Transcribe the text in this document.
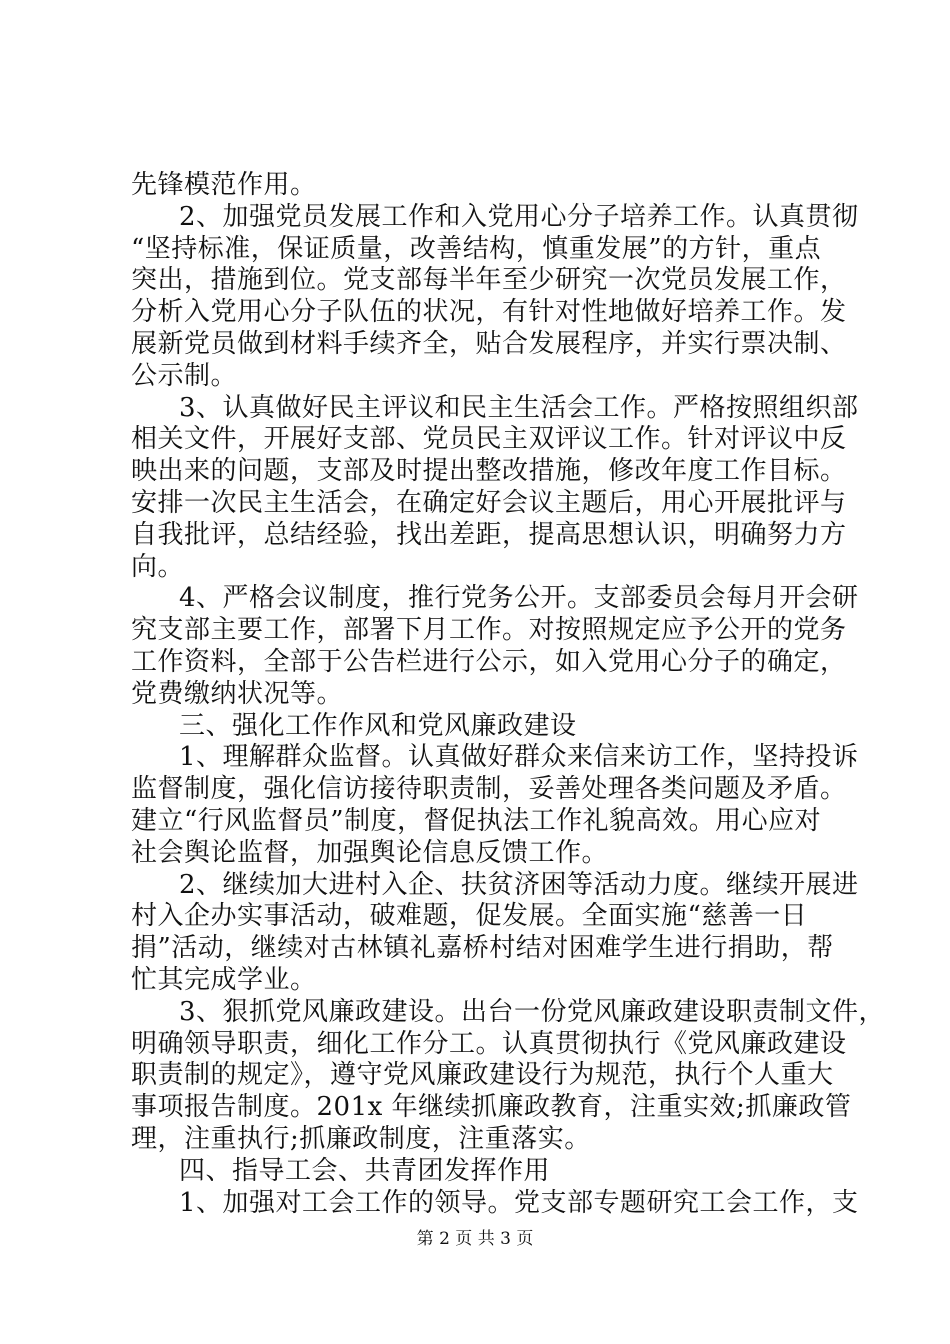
先锋模范作用。
2、加强党员发展工作和入党用心分子培养工作。认真贯彻
“坚持标准，保证质量，改善结构，慎重发展”的方针，重点
突出，措施到位。党支部每半年至少研究一次党员发展工作，
分析入党用心分子队伍的状况，有针对性地做好培养工作。发
展新党员做到材料手续齐全，贴合发展程序，并实行票决制、
公示制。
3、认真做好民主评议和民主生活会工作。严格按照组织部
相关文件，开展好支部、党员民主双评议工作。针对评议中反
映出来的问题，支部及时提出整改措施，修改年度工作目标。
安排一次民主生活会，在确定好会议主题后，用心开展批评与
自我批评，总结经验，找出差距，提高思想认识，明确努力方
向。
4、严格会议制度，推行党务公开。支部委员会每月开会研
究支部主要工作，部署下月工作。对按照规定应予公开的党务
工作资料，全部于公告栏进行公示，如入党用心分子的确定，
党费缴纳状况等。
三、强化工作作风和党风廉政建设
1、理解群众监督。认真做好群众来信来访工作，坚持投诉
监督制度，强化信访接待职责制，妥善处理各类问题及矛盾。
建立“行风监督员”制度，督促执法工作礼貌高效。用心应对
社会舆论监督，加强舆论信息反馈工作。
2、继续加大进村入企、扶贫济困等活动力度。继续开展进
村入企办实事活动，破难题，促发展。全面实施“慈善一日
捐”活动，继续对古林镇礼嘉桥村结对困难学生进行捐助，帮
忙其完成学业。
3、狠抓党风廉政建设。出台一份党风廉政建设职责制文件，
明确领导职责，细化工作分工。认真贯彻执行《党风廉政建设
职责制的规定》，遵守党风廉政建设行为规范，执行个人重大
事项报告制度。201x 年继续抓廉政教育，注重实效;抓廉政管
理，注重执行;抓廉政制度，注重落实。
四、指导工会、共青团发挥作用
1、加强对工会工作的领导。党支部专题研究工会工作，支
第 2 页 共 3 页
